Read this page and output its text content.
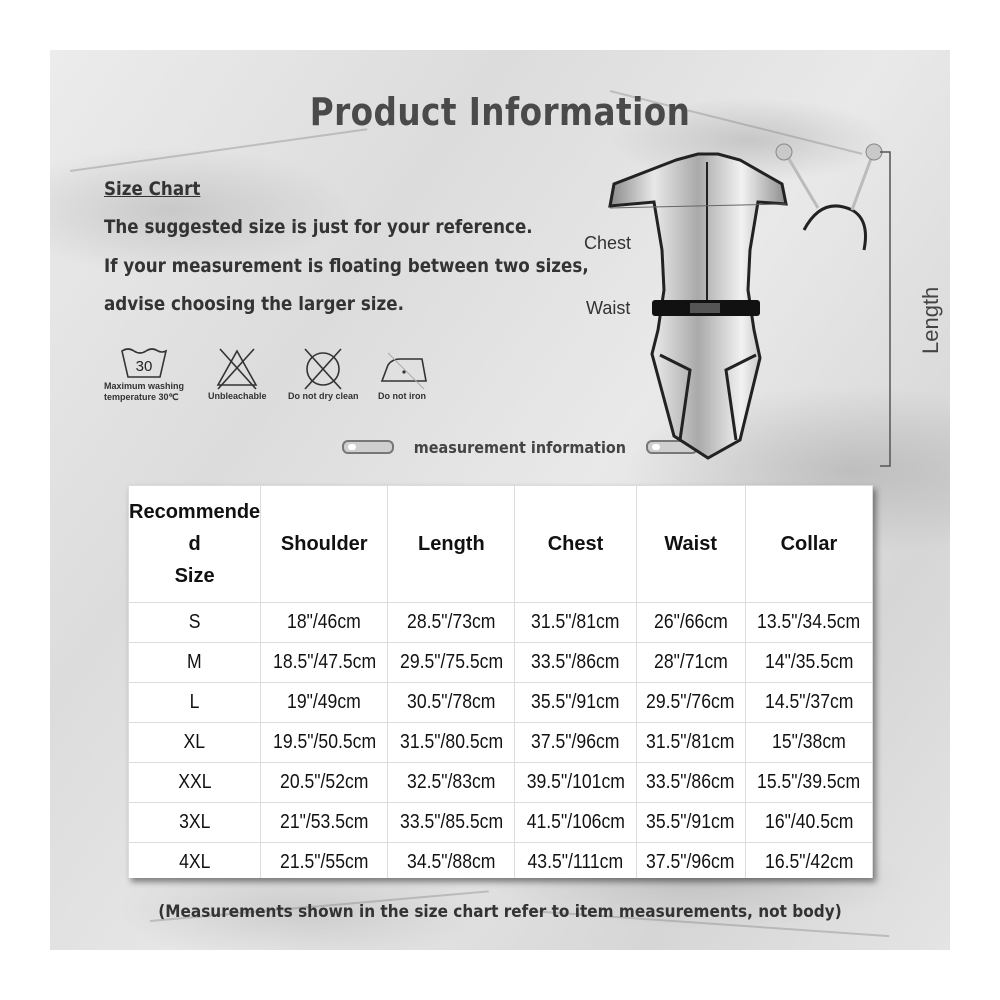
Product Information
Size Chart
The suggested size is just for your reference.
If your measurement is floating between two sizes,
advise choosing the larger size.
30
Maximum washing
temperature 30℃	Unbleachable Do not dry clean Do not iron
measurement information
Chest
Waist	Length
Recommende
d
Size	Shoulder	Length	Chest	Waist	Collar
S	18"/46cm	28.5"/73cm	31.5"/81cm	26"/66cm	13.5"/34.5cm
M	18.5"/47.5cm	29.5"/75.5cm	33.5"/86cm	28"/71cm	14"/35.5cm
L	19"/49cm	30.5"/78cm	35.5"/91cm	29.5"/76cm	14.5"/37cm
XL	19.5"/50.5cm	31.5"/80.5cm	37.5"/96cm	31.5"/81cm	15"/38cm
XXL	20.5"/52cm	32.5"/83cm	39.5"/101cm	33.5"/86cm	15.5"/39.5cm
3XL	21"/53.5cm	33.5"/85.5cm	41.5"/106cm	35.5"/91cm	16"/40.5cm
4XL	21.5"/55cm	34.5"/88cm	43.5"/111cm	37.5"/96cm	16.5"/42cm
(Measurements shown in the size chart refer to item measurements, not body)
